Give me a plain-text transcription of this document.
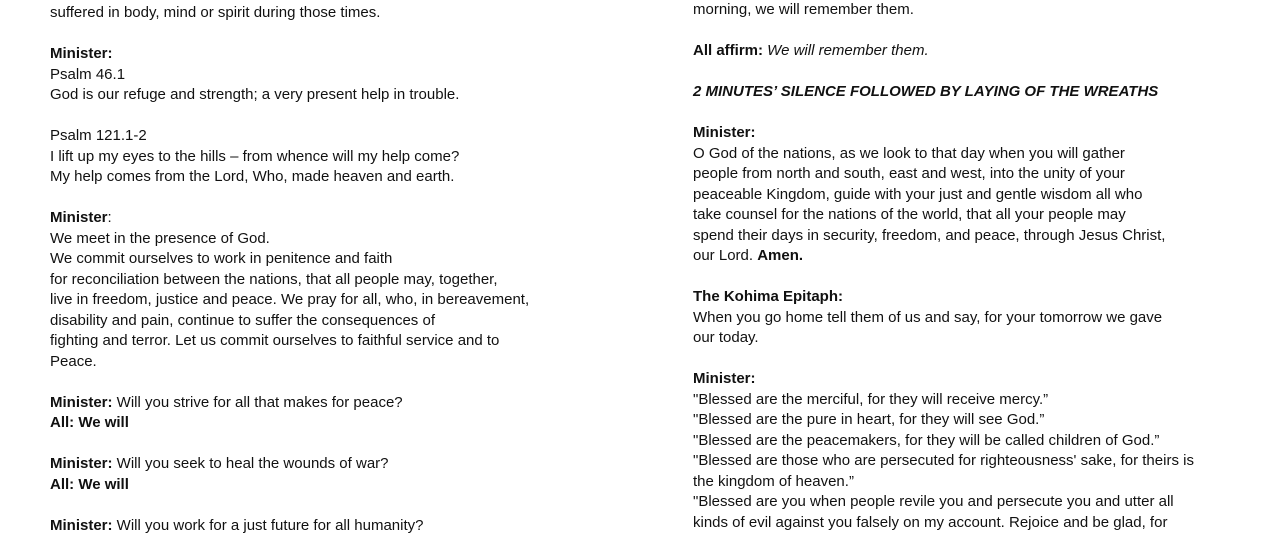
suffered in body, mind or spirit during those times.
Minister:
Psalm 46.1
God is our refuge and strength; a very present help in trouble.
Psalm 121.1-2
I lift up my eyes to the hills – from whence will my help come?
My help comes from the Lord, Who, made heaven and earth.
Minister:
We meet in the presence of God.
We commit ourselves to work in penitence and faith
for reconciliation between the nations, that all people may, together,
live in freedom, justice and peace. We pray for all, who, in bereavement,
disability and pain, continue to suffer the consequences of
fighting and terror. Let us commit ourselves to faithful service and to
Peace.
Minister: Will you strive for all that makes for peace?
All: We will
Minister: Will you seek to heal the wounds of war?
All: We will
Minister: Will you work for a just future for all humanity?
morning, we will remember them.
All affirm: We will remember them.
2 MINUTES’ SILENCE FOLLOWED BY LAYING OF THE WREATHS
Minister:
O God of the nations, as we look to that day when you will gather
people from north and south, east and west, into the unity of your
peaceable Kingdom, guide with your just and gentle wisdom all who
take counsel for the nations of the world, that all your people may
spend their days in security, freedom, and peace, through Jesus Christ,
our Lord. Amen.
The Kohima Epitaph:
When you go home tell them of us and say, for your tomorrow we gave
our today.
Minister:
"Blessed are the merciful, for they will receive mercy.”
"Blessed are the pure in heart, for they will see God.”
"Blessed are the peacemakers, for they will be called children of God.”
"Blessed are those who are persecuted for righteousness' sake, for theirs is
the kingdom of heaven.”
"Blessed are you when people revile you and persecute you and utter all
kinds of evil against you falsely on my account. Rejoice and be glad, for
